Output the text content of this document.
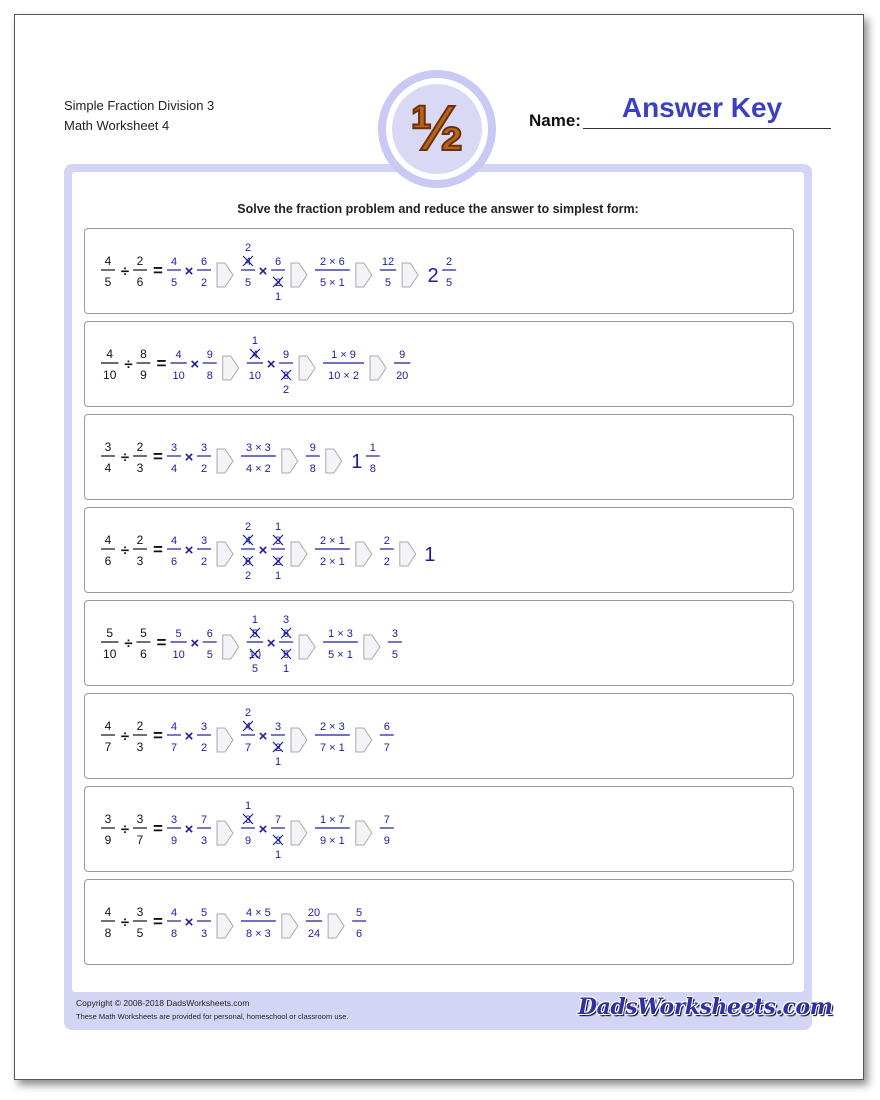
Simple Fraction Division 3
Math Worksheet 4	Name:	Answer Key
Solve the fraction problem and reduce the answer to simplest form:
4
5
÷
2
6
= 4
5
×
6
2
4
5
2
×
6
2
1
2 × 6
5 × 1
12
5 2
2
5
4
10
÷
8
9
= 4
10
×
9
8
4
10
1
×
9
8
2
1 × 9
10 × 2
9
20
3
4
÷
2
3
= 3
4
×
3
2
3 × 3
4 × 2
9
8 1
1
8
4
6
÷
2
3
= 4
6
×
3
2
4
6
2
2
×
3
2
1
1
2 × 1
2 × 1
2
2 1
5
10
÷
5
6
= 5
10
×
6
5
5
10
1
5
×
6
5
3
1
1 × 3
5 × 1
3
5
4
7
÷
2
3
= 4
7
×
3
2
4
7
2
×
3
2
1
2 × 3
7 × 1
6
7
3
9
÷
3
7
= 3
9
×
7
3
3
9
1
×
7
3
1
1 × 7
9 × 1
7
9
4
8
÷
3
5
= 4
8
×
5
3
4 × 5
8 × 3
20
24
5
6
½
Copyright © 2008-2018 DadsWorksheets.com
These Math Worksheets are provided for personal, homeschool or classroom use.	DadsWorksheets.com
